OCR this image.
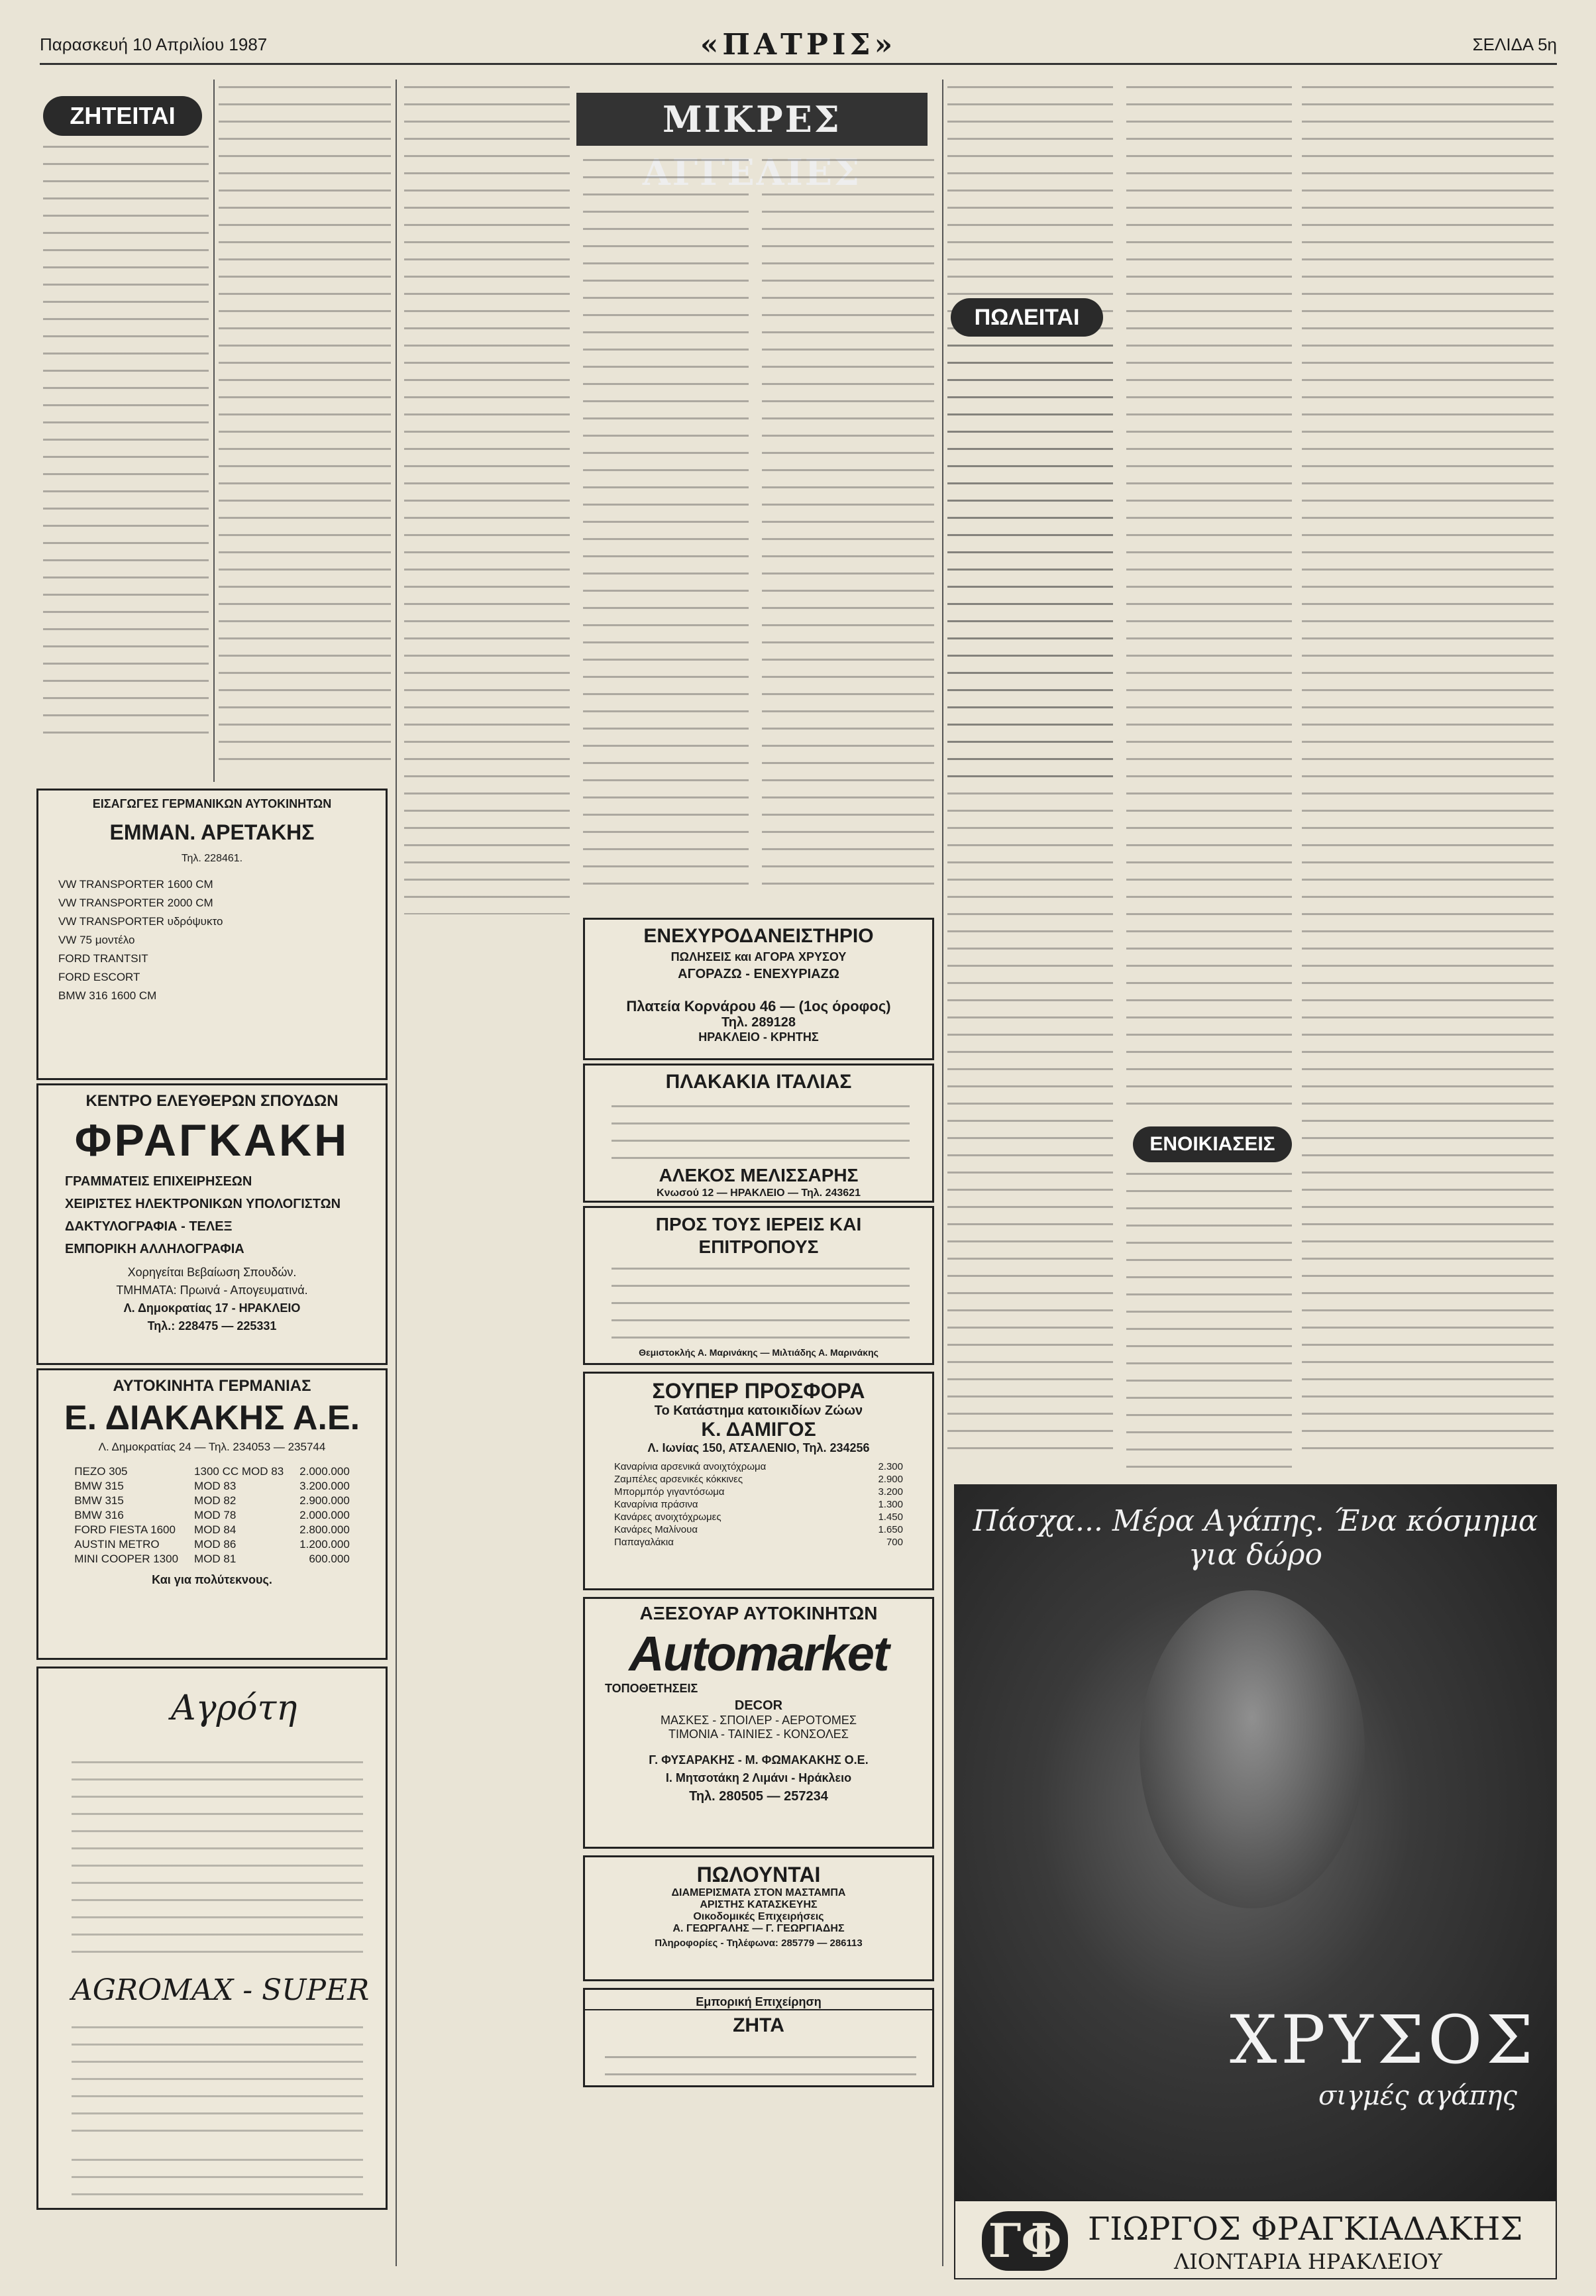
Παρασκευή 10 Απριλίου 1987	«ΠΑΤΡΙΣ»	ΣΕΛΙΔΑ 5η
ΖΗΤΕΙΤΑΙ
ΕΙΣΑΓΩΓΕΣ ΓΕΡΜΑΝΙΚΩΝ ΑΥΤΟΚΙΝΗΤΩΝ
ΕΜΜΑΝ. ΑΡΕΤΑΚΗΣ
Τηλ. 228461.
VW TRANSPORTER 1600 CM
VW TRANSPORTER 2000 CM
VW TRANSPORTER υδρόψυκτο
VW 75 μοντέλο
FORD TRANTSIT
FORD ESCORT
BMW 316 1600 CM
ΚΕΝΤΡΟ ΕΛΕΥΘΕΡΩΝ ΣΠΟΥΔΩΝ
ΦΡΑΓΚΑΚΗ
ΓΡΑΜΜΑΤΕΙΣ ΕΠΙΧΕΙΡΗΣΕΩΝ
ΧΕΙΡΙΣΤΕΣ ΗΛΕΚΤΡΟΝΙΚΩΝ ΥΠΟΛΟΓΙΣΤΩΝ
ΔΑΚΤΥΛΟΓΡΑΦΙΑ - ΤΕΛΕΞ
ΕΜΠΟΡΙΚΗ ΑΛΛΗΛΟΓΡΑΦΙΑ
Χορηγείται Βεβαίωση Σπουδών.
ΤΜΗΜΑΤΑ: Πρωινά - Απογευματινά.
Λ. Δημοκρατίας 17 - ΗΡΑΚΛΕΙΟ
Τηλ.: 228475 — 225331
ΑΥΤΟΚΙΝΗΤΑ ΓΕΡΜΑΝΙΑΣ
Ε. ΔΙΑΚΑΚΗΣ Α.Ε.
Λ. Δημοκρατίας 24 — Τηλ. 234053 — 235744
ΠΕΖΟ 305	1300 CC MOD 83	2.000.000
BMW 315	MOD 83	3.200.000
BMW 315	MOD 82	2.900.000
BMW 316	MOD 78	2.000.000
FORD FIESTA 1600	MOD 84	2.800.000
AUSTIN METRO	MOD 86	1.200.000
MINI COOPER 1300	MOD 81	600.000
Και για πολύτεκνους.
Αγρότη
AGROMAX - SUPER
ΜΙΚΡΕΣ ΑΓΓΕΛΙΕΣ
ΕΝΕΧΥΡΟΔΑΝΕΙΣΤΗΡΙΟ
ΠΩΛΗΣΕΙΣ και ΑΓΟΡΑ ΧΡΥΣΟΥ
ΑΓΟΡΑΖΩ - ΕΝΕΧΥΡΙΑΖΩ
Πλατεία Κορνάρου 46 — (1ος όροφος)
Τηλ. 289128
ΗΡΑΚΛΕΙΟ - ΚΡΗΤΗΣ
ΠΛΑΚΑΚΙΑ ΙΤΑΛΙΑΣ
ΑΛΕΚΟΣ ΜΕΛΙΣΣΑΡΗΣ
Κνωσού 12 — ΗΡΑΚΛΕΙΟ — Τηλ. 243621
ΠΡΟΣ ΤΟΥΣ ΙΕΡΕΙΣ ΚΑΙ ΕΠΙΤΡΟΠΟΥΣ
Θεμιστοκλής Α. Μαρινάκης — Μιλτιάδης Α. Μαρινάκης
ΣΟΥΠΕΡ ΠΡΟΣΦΟΡΑ
Το Κατάστημα κατοικιδίων Ζώων
Κ. ΔΑΜΙΓΟΣ
Λ. Ιωνίας 150, ΑΤΣΑΛΕΝΙΟ, Τηλ. 234256
Καναρίνια αρσενικά ανοιχτόχρωμα	2.300
Ζαμπέλες αρσενικές κόκκινες	2.900
Μπορμπόρ γιγαντόσωμα	3.200
Καναρίνια πράσινα	1.300
Κανάρες ανοιχτόχρωμες	1.450
Κανάρες Μαλίνουα	1.650
Παπαγαλάκια	700
ΑΞΕΣΟΥΑΡ ΑΥΤΟΚΙΝΗΤΩΝ
Automarket
ΤΟΠΟΘΕΤΗΣΕΙΣ
DECOR
ΜΑΣΚΕΣ - ΣΠΟΙΛΕΡ - ΑΕΡΟΤΟΜΕΣ
ΤΙΜΟΝΙΑ - ΤΑΙΝΙΕΣ - ΚΟΝΣΟΛΕΣ
Γ. ΦΥΣΑΡΑΚΗΣ - Μ. ΦΩΜΑΚΑΚΗΣ Ο.Ε.
Ι. Μητσοτάκη 2 Λιμάνι - Ηράκλειο
Τηλ. 280505 — 257234
ΠΩΛΟΥΝΤΑΙ
ΔΙΑΜΕΡΙΣΜΑΤΑ ΣΤΟΝ ΜΑΣΤΑΜΠΑ
ΑΡΙΣΤΗΣ ΚΑΤΑΣΚΕΥΗΣ
Οικοδομικές Επιχειρήσεις
Α. ΓΕΩΡΓΑΛΗΣ — Γ. ΓΕΩΡΓΙΑΔΗΣ
Πληροφορίες - Τηλέφωνα: 285779 — 286113
Εμπορική Επιχείρηση
ΖΗΤΑ
ΠΩΛΕΙΤΑΙ
ΕΝΟΙΚΙΑΣΕΙΣ
Πάσχα... Μέρα Αγάπης. Ένα κόσμημα για δώρο
ΧΡΥΣΟΣ
σιγμές αγάπης
ΓΦ ΓΙΩΡΓΟΣ ΦΡΑΓΚΙΑΔΑΚΗΣ
ΛΙΟΝΤΑΡΙΑ ΗΡΑΚΛΕΙΟΥ
